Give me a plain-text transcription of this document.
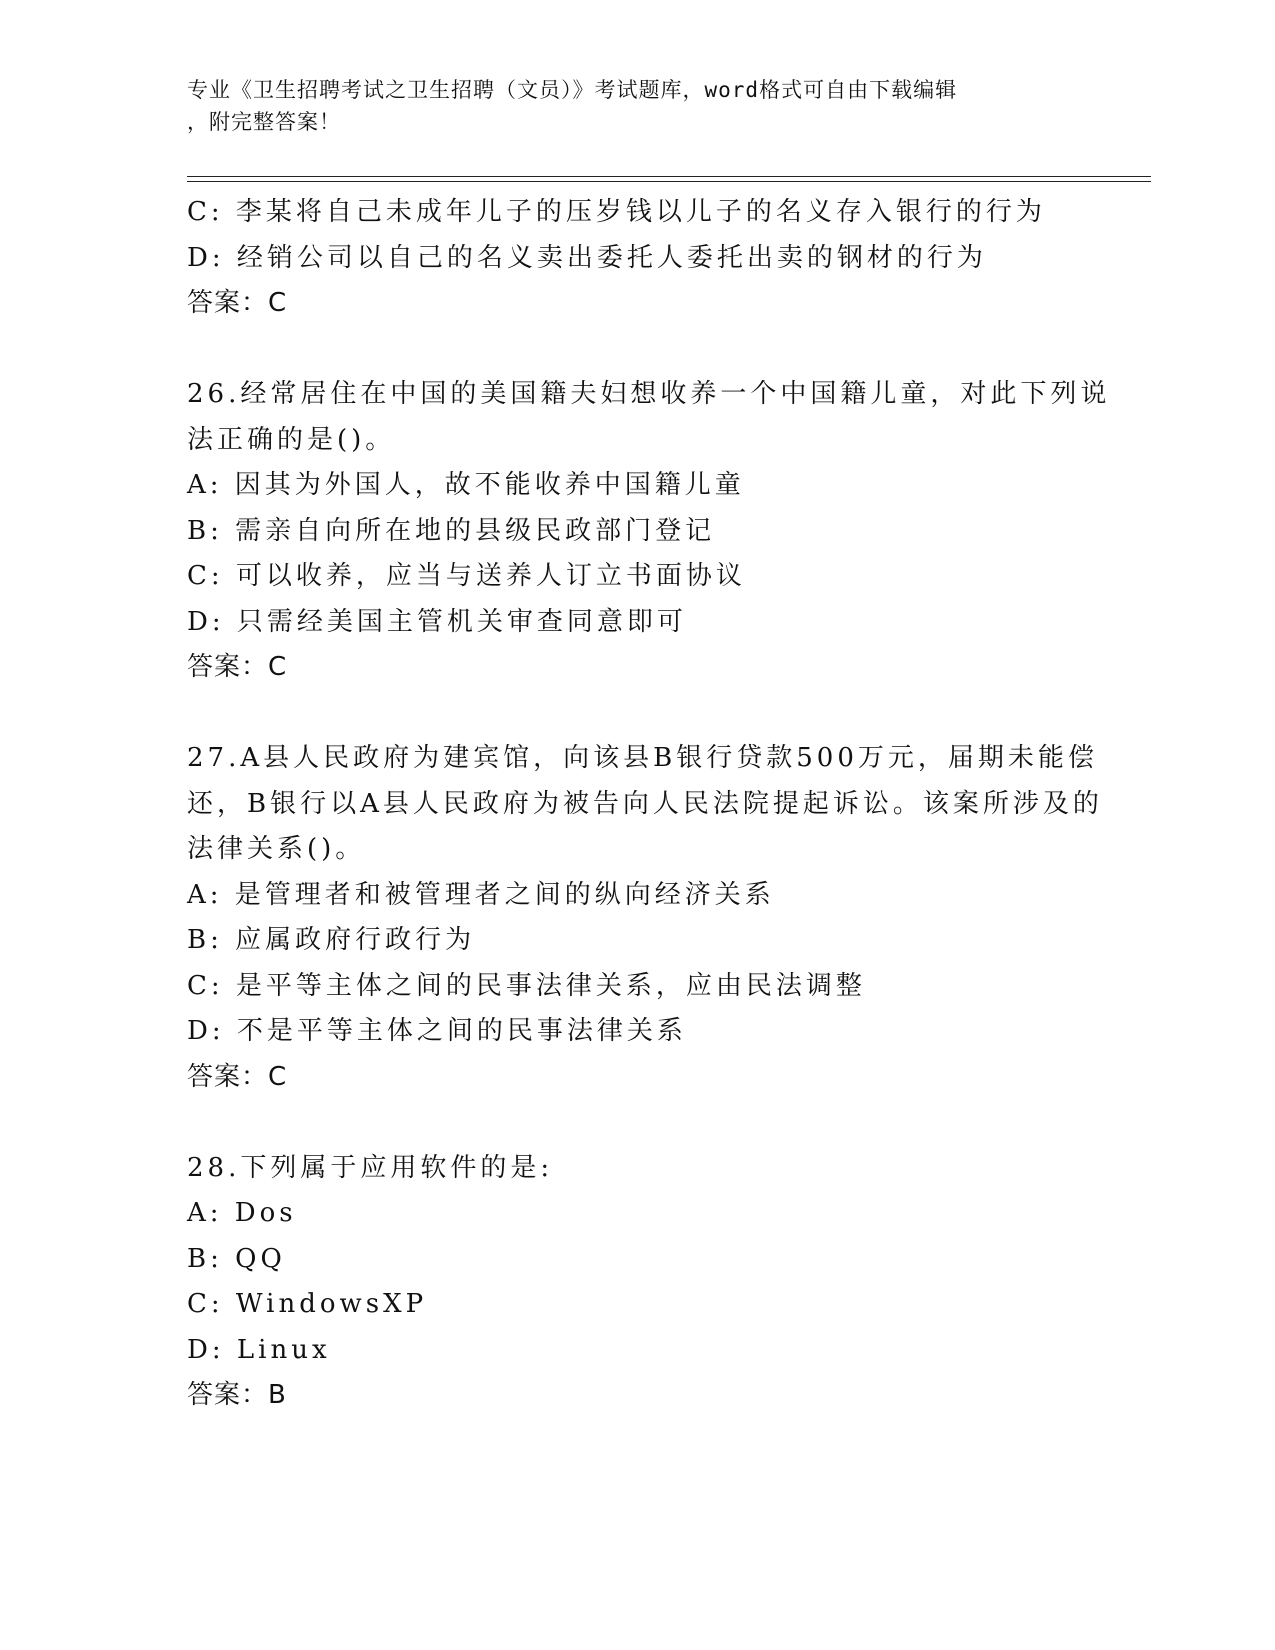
专业《卫生招聘考试之卫生招聘（文员）》考试题库，word格式可自由下载编辑
，附完整答案！
C: 李某将自己未成年儿子的压岁钱以儿子的名义存入银行的行为
D: 经销公司以自己的名义卖出委托人委托出卖的钢材的行为
答案：C
26.经常居住在中国的美国籍夫妇想收养一个中国籍儿童，对此下列说
法正确的是()。
A: 因其为外国人，故不能收养中国籍儿童
B: 需亲自向所在地的县级民政部门登记
C: 可以收养，应当与送养人订立书面协议
D: 只需经美国主管机关审查同意即可
答案：C
27.A县人民政府为建宾馆，向该县B银行贷款500万元，届期未能偿
还，B银行以A县人民政府为被告向人民法院提起诉讼。该案所涉及的
法律关系()。
A: 是管理者和被管理者之间的纵向经济关系
B: 应属政府行政行为
C: 是平等主体之间的民事法律关系，应由民法调整
D: 不是平等主体之间的民事法律关系
答案：C
28.下列属于应用软件的是:
A: Dos
B: QQ
C: WindowsXP
D: Linux
答案：B
